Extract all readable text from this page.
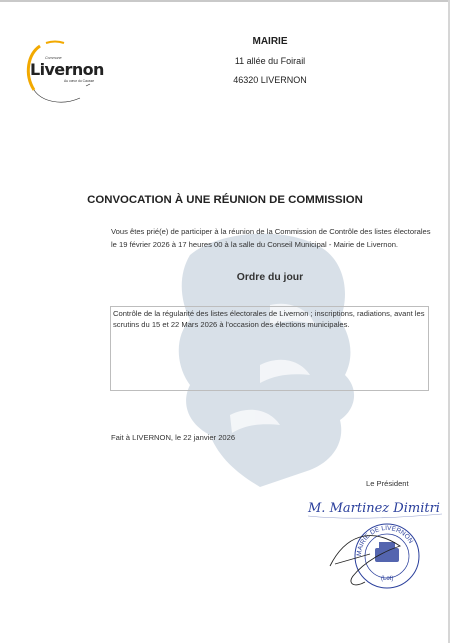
Commune
Livernon
Au cœur du Causse
MAIRIE
11 allée du Foirail
46320 LIVERNON
CONVOCATION À UNE RÉUNION DE COMMISSION
Vous êtes prié(e) de participer à la réunion de la Commission de Contrôle des listes électorales le 19 février 2026 à 17 heures 00 à la salle du Conseil Municipal - Mairie de Livernon.
Ordre du jour
Contrôle de la régularité des listes électorales de Livernon ; inscriptions, radiations, avant les scrutins du 15 et 22 Mars 2026 à l'occasion des élections municipales.
Fait à LIVERNON, le 22 janvier 2026
Le Président
M. Martinez Dimitri
MAIRIE DE LIVERNON
(Lot)
